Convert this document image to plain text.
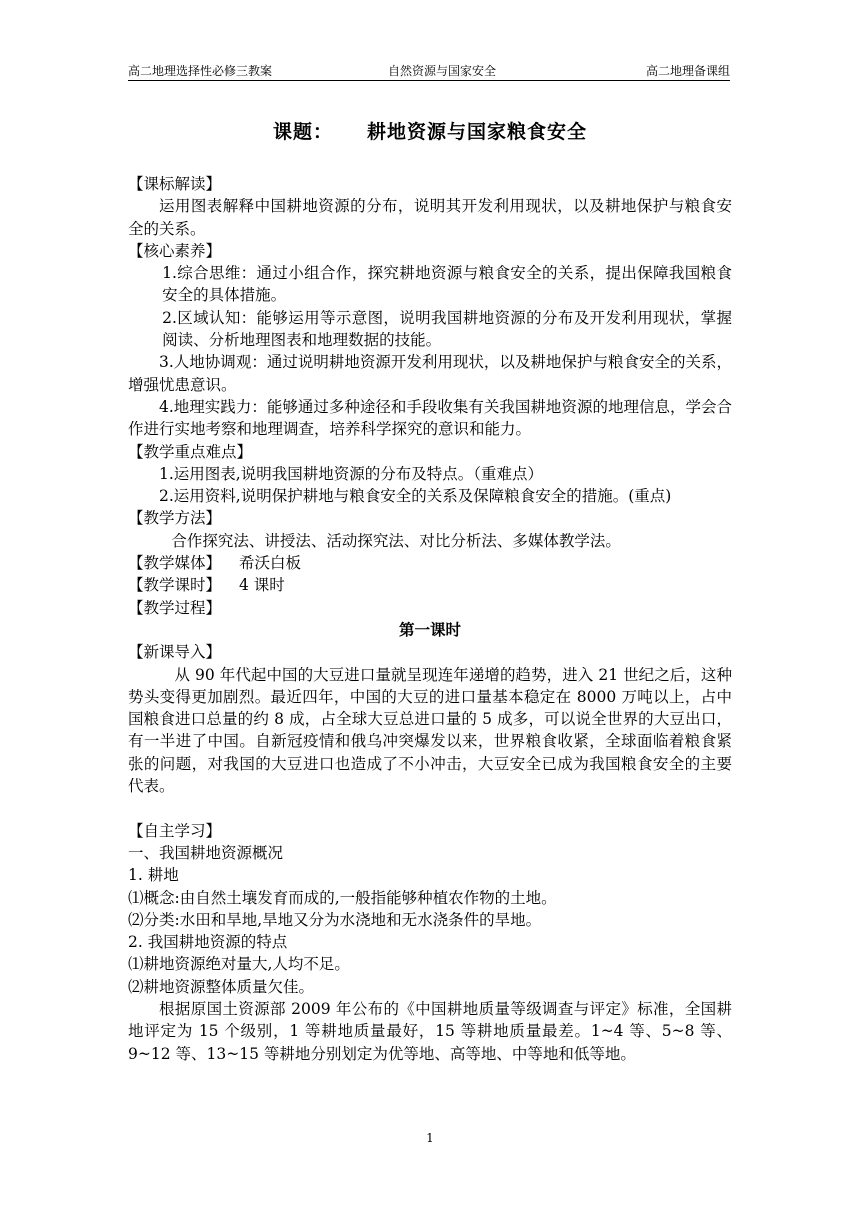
高二地理选择性必修三教案	自然资源与国家安全	高二地理备课组
课题： 耕地资源与国家粮食安全

【课标解读】

运用图表解释中国耕地资源的分布，说明其开发利用现状，以及耕地保护与粮食安全的关系。

【核心素养】

1.综合思维：通过小组合作，探究耕地资源与粮食安全的关系，提出保障我国粮食安全的具体措施。

2.区域认知：能够运用等示意图，说明我国耕地资源的分布及开发利用现状，掌握阅读、分析地理图表和地理数据的技能。

3.人地协调观：通过说明耕地资源开发利用现状，以及耕地保护与粮食安全的关系，增强忧患意识。

4.地理实践力：能够通过多种途径和手段收集有关我国耕地资源的地理信息，学会合作进行实地考察和地理调查，培养科学探究的意识和能力。

【教学重点难点】

1.运用图表,说明我国耕地资源的分布及特点。（重难点）

2.运用资料,说明保护耕地与粮食安全的关系及保障粮食安全的措施。(重点)

【教学方法】

合作探究法、讲授法、活动探究法、对比分析法、多媒体教学法。

【教学媒体】 希沃白板

【教学课时】 4 课时

【教学过程】

第一课时

【新课导入】

从 90 年代起中国的大豆进口量就呈现连年递增的趋势，进入 21 世纪之后，这种势头变得更加剧烈。最近四年，中国的大豆的进口量基本稳定在 8000 万吨以上，占中国粮食进口总量的约 8 成，占全球大豆总进口量的 5 成多，可以说全世界的大豆出口，有一半进了中国。自新冠疫情和俄乌冲突爆发以来，世界粮食收紧，全球面临着粮食紧张的问题，对我国的大豆进口也造成了不小冲击，大豆安全已成为我国粮食安全的主要代表。

【自主学习】

一、我国耕地资源概况

1. 耕地

⑴概念:由自然土壤发育而成的,一般指能够种植农作物的土地。

⑵分类:水田和旱地,旱地又分为水浇地和无水浇条件的旱地。

2. 我国耕地资源的特点

⑴耕地资源绝对量大,人均不足。

⑵耕地资源整体质量欠佳。

根据原国土资源部 2009 年公布的《中国耕地质量等级调查与评定》标准，全国耕地评定为 15 个级别，1 等耕地质量最好，15 等耕地质量最差。1~4 等、5~8 等、9~12 等、13~15 等耕地分别划定为优等地、高等地、中等地和低等地。

1
